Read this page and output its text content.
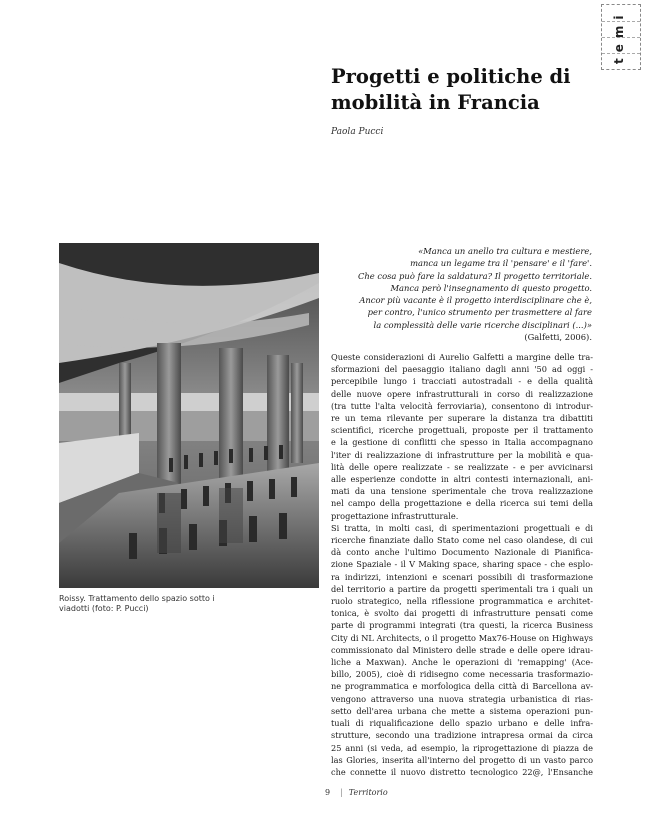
temi
Progetti e politiche di mobilità in Francia

Paola Pucci

Roissy. Trattamento dello spazio sotto i viadotti (foto: P. Pucci)

«Manca un anello tra cultura e mestiere,
manca un legame tra il 'pensare' e il 'fare'.
Che cosa può fare la saldatura? Il progetto territoriale.
Manca però l'insegnamento di questo progetto.
Ancor più vacante è il progetto interdisciplinare che è,
per contro, l'unico strumento per trasmettere al fare
la complessità delle varie ricerche disciplinari (...)»
(Galfetti, 2006).
Queste considerazioni di Aurelio Galfetti a margine delle tra-
sformazioni del paesaggio italiano dagli anni '50 ad oggi -
percepibile lungo i tracciati autostradali - e della qualità
delle nuove opere infrastrutturali in corso di realizzazione
(tra tutte l'alta velocità ferroviaria), consentono di introdur-
re un tema rilevante per superare la distanza tra dibattiti
scientifici, ricerche progettuali, proposte per il trattamento
e la gestione di conflitti che spesso in Italia accompagnano
l'iter di realizzazione di infrastrutture per la mobilità e qua-
lità delle opere realizzate - se realizzate - e per avvicinarsi
alle esperienze condotte in altri contesti internazionali, ani-
mati da una tensione sperimentale che trova realizzazione
nel campo della progettazione e della ricerca sui temi della
progettazione infrastrutturale.
Si tratta, in molti casi, di sperimentazioni progettuali e di
ricerche finanziate dallo Stato come nel caso olandese, di cui
dà conto anche l'ultimo Documento Nazionale di Pianifica-
zione Spaziale - il V Making space, sharing space - che esplo-
ra indirizzi, intenzioni e scenari possibili di trasformazione
del territorio a partire da progetti sperimentali tra i quali un
ruolo strategico, nella riflessione programmatica e architet-
tonica, è svolto dai progetti di infrastrutture pensati come
parte di programmi integrati (tra questi, la ricerca Business
City di NL Architects, o il progetto Max76-House on Highways
commissionato dal Ministero delle strade e delle opere idrau-
liche a Maxwan). Anche le operazioni di 'remapping' (Ace-
billo, 2005), cioè di ridisegno come necessaria trasformazio-
ne programmatica e morfologica della città di Barcellona av-
vengono attraverso una nuova strategia urbanistica di rias-
setto dell'area urbana che mette a sistema operazioni pun-
tuali di riqualificazione dello spazio urbano e delle infra-
strutture, secondo una tradizione intrapresa ormai da circa
25 anni (si veda, ad esempio, la riprogettazione di piazza de
las Glories, inserita all'interno del progetto di un vasto parco
che connette il nuovo distretto tecnologico 22@, l'Ensanche
9 | Territorio
